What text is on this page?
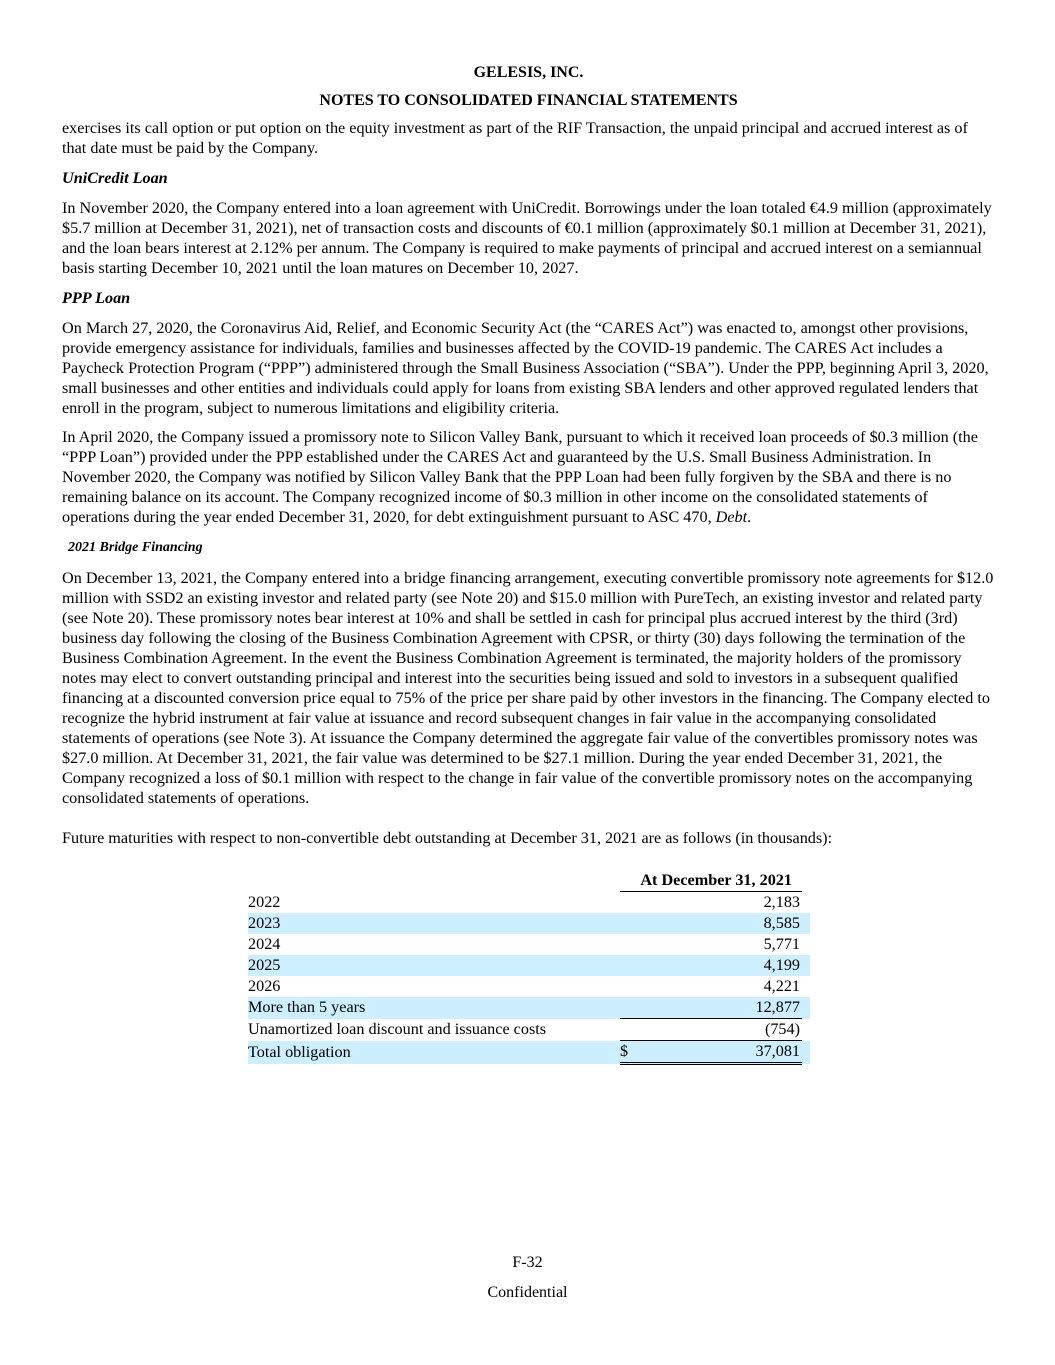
GELESIS, INC.
NOTES TO CONSOLIDATED FINANCIAL STATEMENTS

exercises its call option or put option on the equity investment as part of the RIF Transaction, the unpaid principal and accrued interest as of that date must be paid by the Company.

UniCredit Loan

In November 2020, the Company entered into a loan agreement with UniCredit. Borrowings under the loan totaled €4.9 million (approximately $5.7 million at December 31, 2021), net of transaction costs and discounts of €0.1 million (approximately $0.1 million at December 31, 2021), and the loan bears interest at 2.12% per annum. The Company is required to make payments of principal and accrued interest on a semiannual basis starting December 10, 2021 until the loan matures on December 10, 2027.

PPP Loan

On March 27, 2020, the Coronavirus Aid, Relief, and Economic Security Act (the “CARES Act”) was enacted to, amongst other provisions, provide emergency assistance for individuals, families and businesses affected by the COVID-19 pandemic. The CARES Act includes a Paycheck Protection Program (“PPP”) administered through the Small Business Association (“SBA”). Under the PPP, beginning April 3, 2020, small businesses and other entities and individuals could apply for loans from existing SBA lenders and other approved regulated lenders that enroll in the program, subject to numerous limitations and eligibility criteria.

In April 2020, the Company issued a promissory note to Silicon Valley Bank, pursuant to which it received loan proceeds of $0.3 million (the “PPP Loan”) provided under the PPP established under the CARES Act and guaranteed by the U.S. Small Business Administration. In November 2020, the Company was notified by Silicon Valley Bank that the PPP Loan had been fully forgiven by the SBA and there is no remaining balance on its account. The Company recognized income of $0.3 million in other income on the consolidated statements of operations during the year ended December 31, 2020, for debt extinguishment pursuant to ASC 470, Debt.

2021 Bridge Financing

On December 13, 2021, the Company entered into a bridge financing arrangement, executing convertible promissory note agreements for $12.0 million with SSD2 an existing investor and related party (see Note 20) and $15.0 million with PureTech, an existing investor and related party (see Note 20). These promissory notes bear interest at 10% and shall be settled in cash for principal plus accrued interest by the third (3rd) business day following the closing of the Business Combination Agreement with CPSR, or thirty (30) days following the termination of the Business Combination Agreement. In the event the Business Combination Agreement is terminated, the majority holders of the promissory notes may elect to convert outstanding principal and interest into the securities being issued and sold to investors in a subsequent qualified financing at a discounted conversion price equal to 75% of the price per share paid by other investors in the financing. The Company elected to recognize the hybrid instrument at fair value at issuance and record subsequent changes in fair value in the accompanying consolidated statements of operations (see Note 3). At issuance the Company determined the aggregate fair value of the convertibles promissory notes was $27.0 million. At December 31, 2021, the fair value was determined to be $27.1 million. During the year ended December 31, 2021, the Company recognized a loss of $0.1 million with respect to the change in fair value of the convertible promissory notes on the accompanying consolidated statements of operations.

Future maturities with respect to non-convertible debt outstanding at December 31, 2021 are as follows (in thousands):

	At December 31, 2021		
2022		2,183	
2023		8,585	
2024		5,771	
2025		4,199	
2026		4,221	
More than 5 years		12,877	
Unamortized loan discount and issuance costs		(754)	
Total obligation	$	37,081	
F-32
Confidential
